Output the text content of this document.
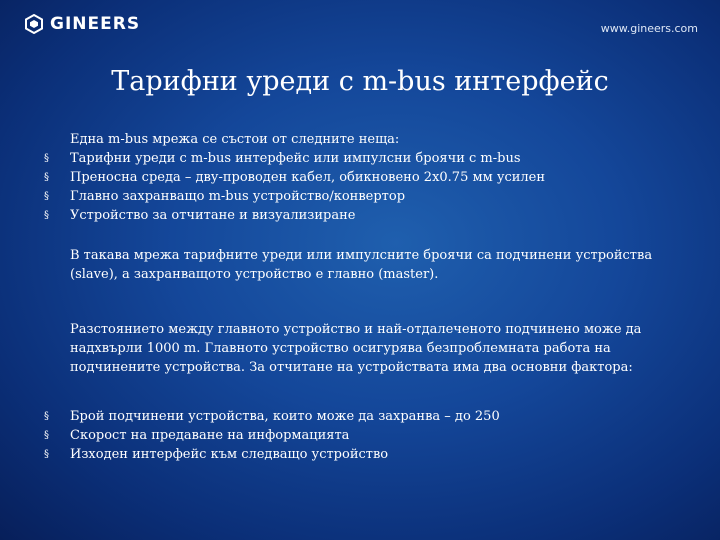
GINEERS	www.gineers.com
Тарифни уреди с m-bus интерфейс
Една m-bus мрежа се състои от следните неща:
§ Тарифни уреди с m-bus интерфейс или импулсни броячи с m-bus
§ Преносна среда – дву-проводен кабел, обикновено 2x0.75 мм усилен
§ Главно захранващо m-bus устройство/конвертор
§ Устройство за отчитане и визуализиране
В такава мрежа тарифните уреди или импулсните броячи са подчинени устройства (slave), а захранващото устройство е главно (master).
Разстоянието между главното устройство и най-отдалеченото подчинено може да надхвърли 1000 m. Главното устройство осигурява безпроблемната работа на подчинените устройства. За отчитане на устройствата има два основни фактора:
§ Брой подчинени устройства, които може да захранва – до 250
§ Скорост на предаване на информацията
§ Изходен интерфейс към следващо устройство
